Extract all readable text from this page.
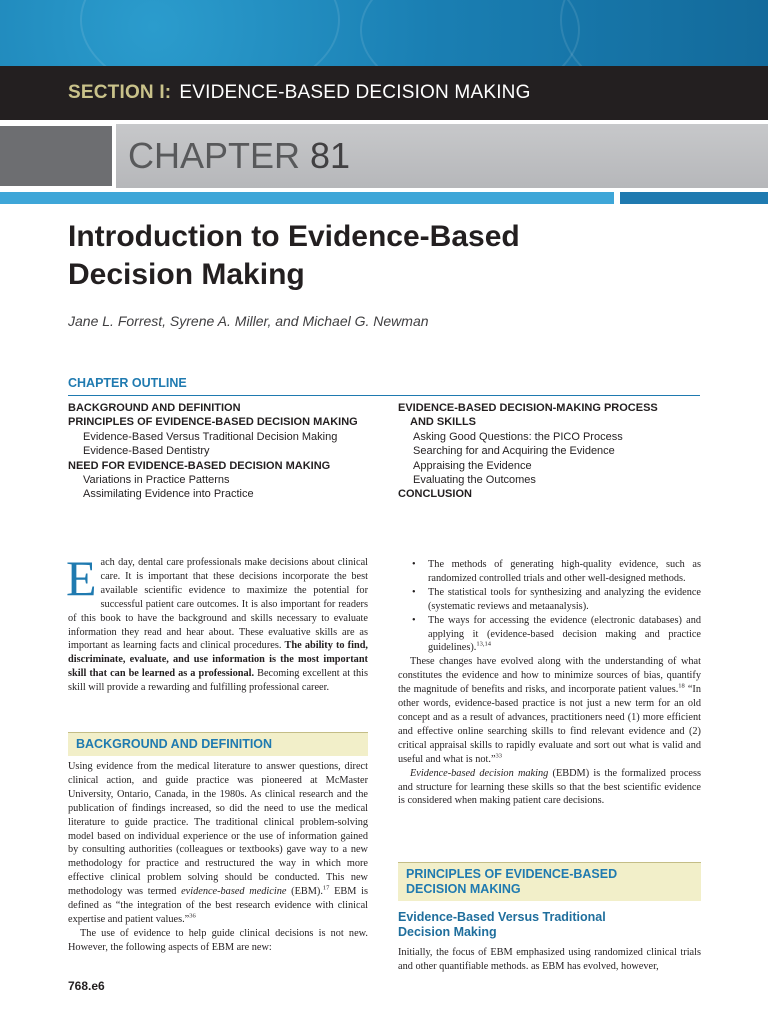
SECTION I: EVIDENCE-BASED DECISION MAKING
CHAPTER 81
Introduction to Evidence-Based
Decision Making
Jane L. Forrest, Syrene A. Miller, and Michael G. Newman
CHAPTER OUTLINE
BACKGROUND AND DEFINITION
PRINCIPLES OF EVIDENCE-BASED DECISION MAKING
Evidence-Based Versus Traditional Decision Making
Evidence-Based Dentistry
NEED FOR EVIDENCE-BASED DECISION MAKING
Variations in Practice Patterns
Assimilating Evidence into Practice
EVIDENCE-BASED DECISION-MAKING PROCESS
AND SKILLS
Asking Good Questions: the PICO Process
Searching for and Acquiring the Evidence
Appraising the Evidence
Evaluating the Outcomes
CONCLUSION

Each day, dental care professionals make decisions about clinical care. It is important that these decisions incorporate the best available scientific evidence to maximize the potential for successful patient care outcomes. It is also important for readers of this book to have the background and skills necessary to evaluate information they read and hear about. These evaluative skills are as important as learning facts and clinical procedures. The ability to find, discriminate, evaluate, and use information is the most important skill that can be learned as a professional. Becoming excellent at this skill will provide a rewarding and fulfilling professional career.

BACKGROUND AND DEFINITION

Using evidence from the medical literature to answer questions, direct clinical action, and guide practice was pioneered at McMaster University, Ontario, Canada, in the 1980s. As clinical research and the publication of findings increased, so did the need to use the medical literature to guide practice. The traditional clinical problem-solving model based on individual experience or the use of information gained by consulting authorities (colleagues or textbooks) gave way to a new methodology for practice and restructured the way in which more effective clinical problem solving should be conducted. This new methodology was termed evidence-based medicine (EBM).$^{17}$ EBM is defined as “the integration of the best research evidence with clinical expertise and patient values.”$^{36}$

The use of evidence to help guide clinical decisions is not new. However, the following aspects of EBM are new:

• The methods of generating high-quality evidence, such as randomized controlled trials and other well-designed methods.
• The statistical tools for synthesizing and analyzing the evidence (systematic reviews and metaanalysis).
• The ways for accessing the evidence (electronic databases) and applying it (evidence-based decision making and practice guidelines).$^{13,14}$

These changes have evolved along with the understanding of what constitutes the evidence and how to minimize sources of bias, quantify the magnitude of benefits and risks, and incorporate patient values.$^{18}$ “In other words, evidence-based practice is not just a new term for an old concept and as a result of advances, practitioners need (1) more efficient and effective online searching skills to find relevant evidence and (2) critical appraisal skills to rapidly evaluate and sort out what is valid and useful and what is not.”$^{33}$

Evidence-based decision making (EBDM) is the formalized process and structure for learning these skills so that the best scientific evidence is considered when making patient care decisions.

PRINCIPLES OF EVIDENCE-BASED
DECISION MAKING
Evidence-Based Versus Traditional
Decision Making

Initially, the focus of EBM emphasized using randomized clinical trials and other quantifiable methods. as EBM has evolved, however,

768.e6
